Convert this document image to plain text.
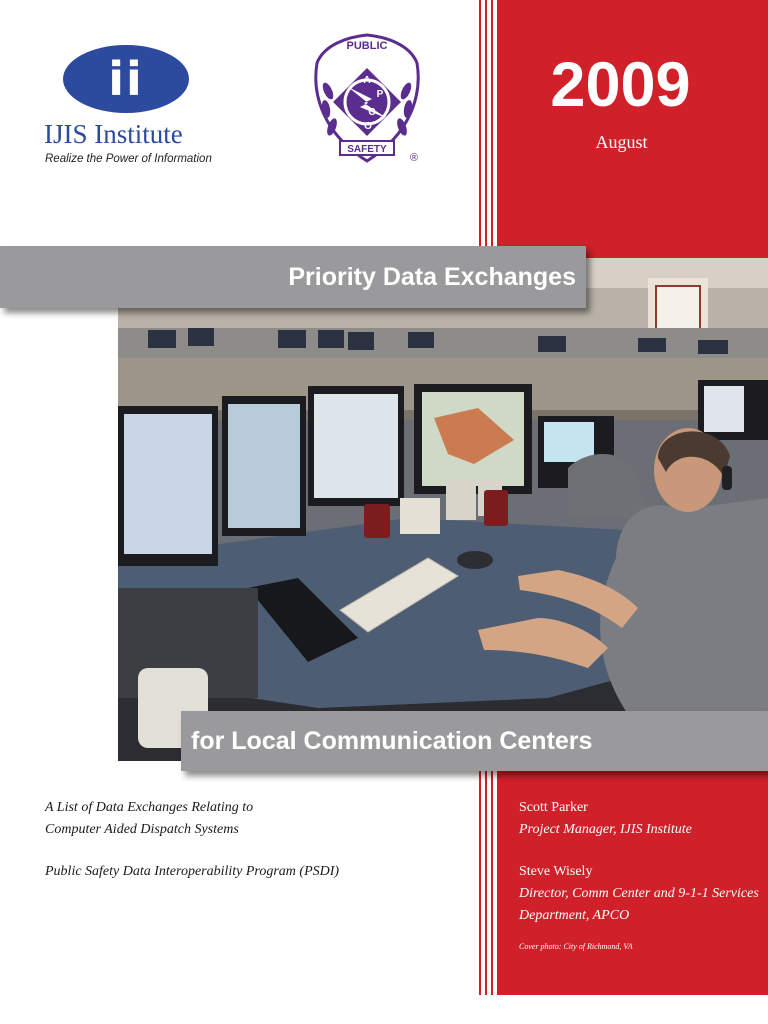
ii
IJIS Institute
Realize the Power of Information
PUBLIC
A
P
C
O
SAFETY
®
2009
August
Priority Data Exchanges
for Local Communication Centers
A List of Data Exchanges Relating to
Computer Aided Dispatch Systems
Public Safety Data Interoperability Program (PSDI)
Scott Parker
Project Manager, IJIS Institute
Steve Wisely
Director, Comm Center and 9-1-1 Services
Department, APCO
Cover photo: City of Richmond, VA
